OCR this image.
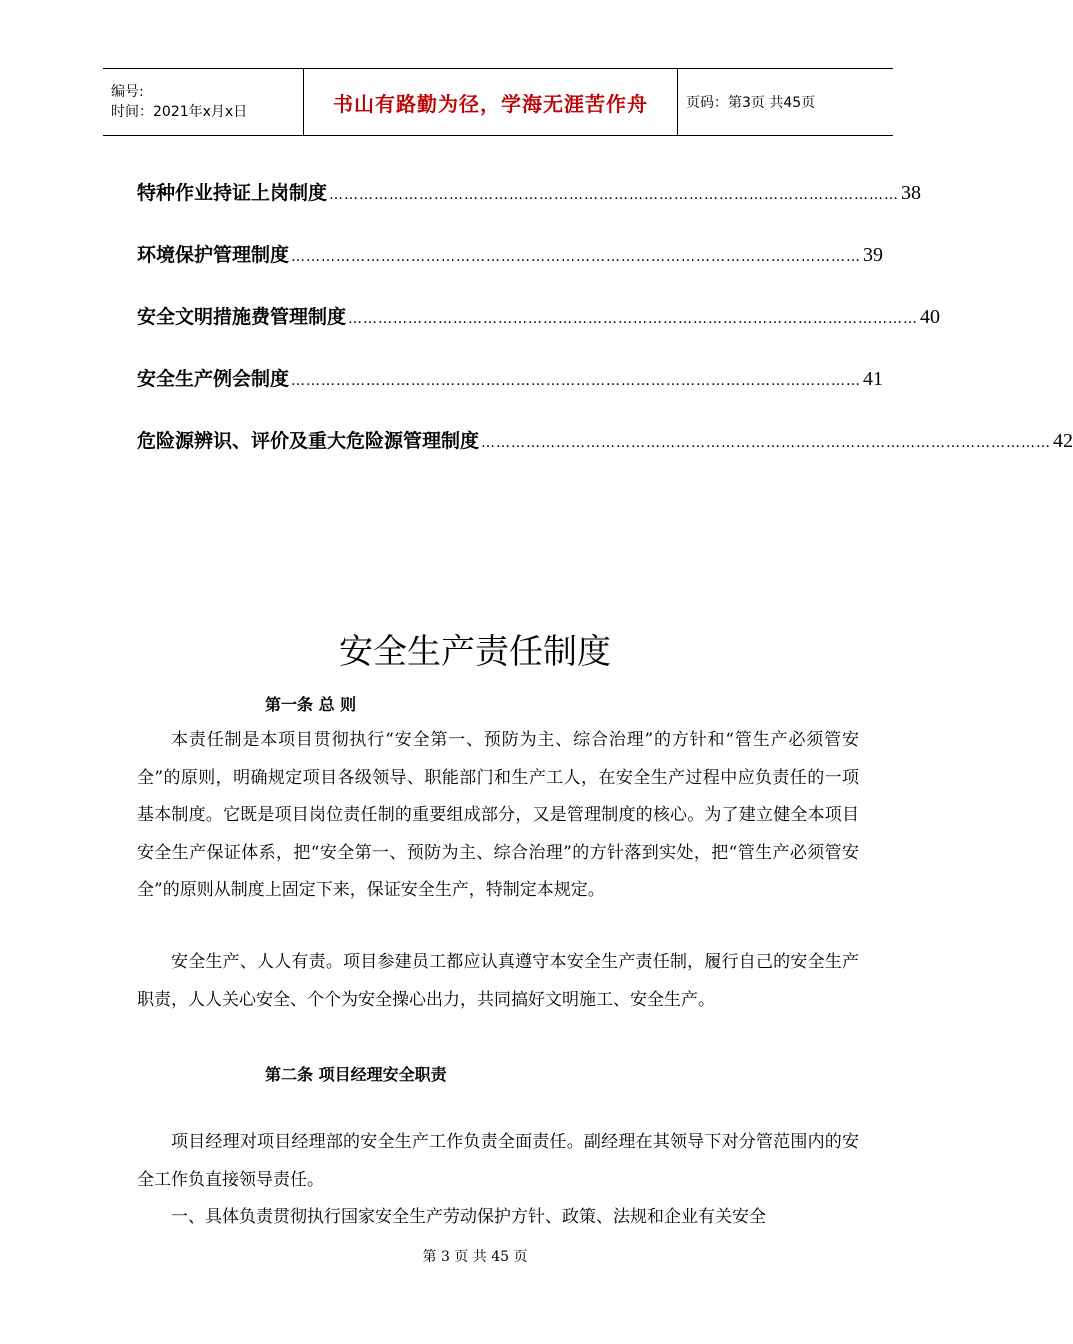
编号:
时间：2021年x月x日	书山有路勤为径，学海无涯苦作舟	页码：第3页 共45页
特种作业持证上岗制度 …………………………………………………………………………………………………… 38
环境保护管理制度 …………………………………………………………………………………………………… 39
安全文明措施费管理制度 …………………………………………………………………………………………………… 40
安全生产例会制度 …………………………………………………………………………………………………… 41
危险源辨识、评价及重大危险源管理制度 …………………………………………………………………………………………………… 42
安全生产责任制度
第一条 总 则
本责任制是本项目贯彻执行“安全第一、预防为主、综合治理”的方针和“管生产必须管安全”的原则，明确规定项目各级领导、职能部门和生产工人，在安全生产过程中应负责任的一项基本制度。它既是项目岗位责任制的重要组成部分，又是管理制度的核心。为了建立健全本项目安全生产保证体系，把“安全第一、预防为主、综合治理”的方针落到实处，把“管生产必须管安全”的原则从制度上固定下来，保证安全生产，特制定本规定。
安全生产、人人有责。项目参建员工都应认真遵守本安全生产责任制，履行自己的安全生产职责，人人关心安全、个个为安全操心出力，共同搞好文明施工、安全生产。
第二条 项目经理安全职责
项目经理对项目经理部的安全生产工作负责全面责任。副经理在其领导下对分管范围内的安全工作负直接领导责任。
一、具体负责贯彻执行国家安全生产劳动保护方针、政策、法规和企业有关安全
第 3 页 共 45 页
